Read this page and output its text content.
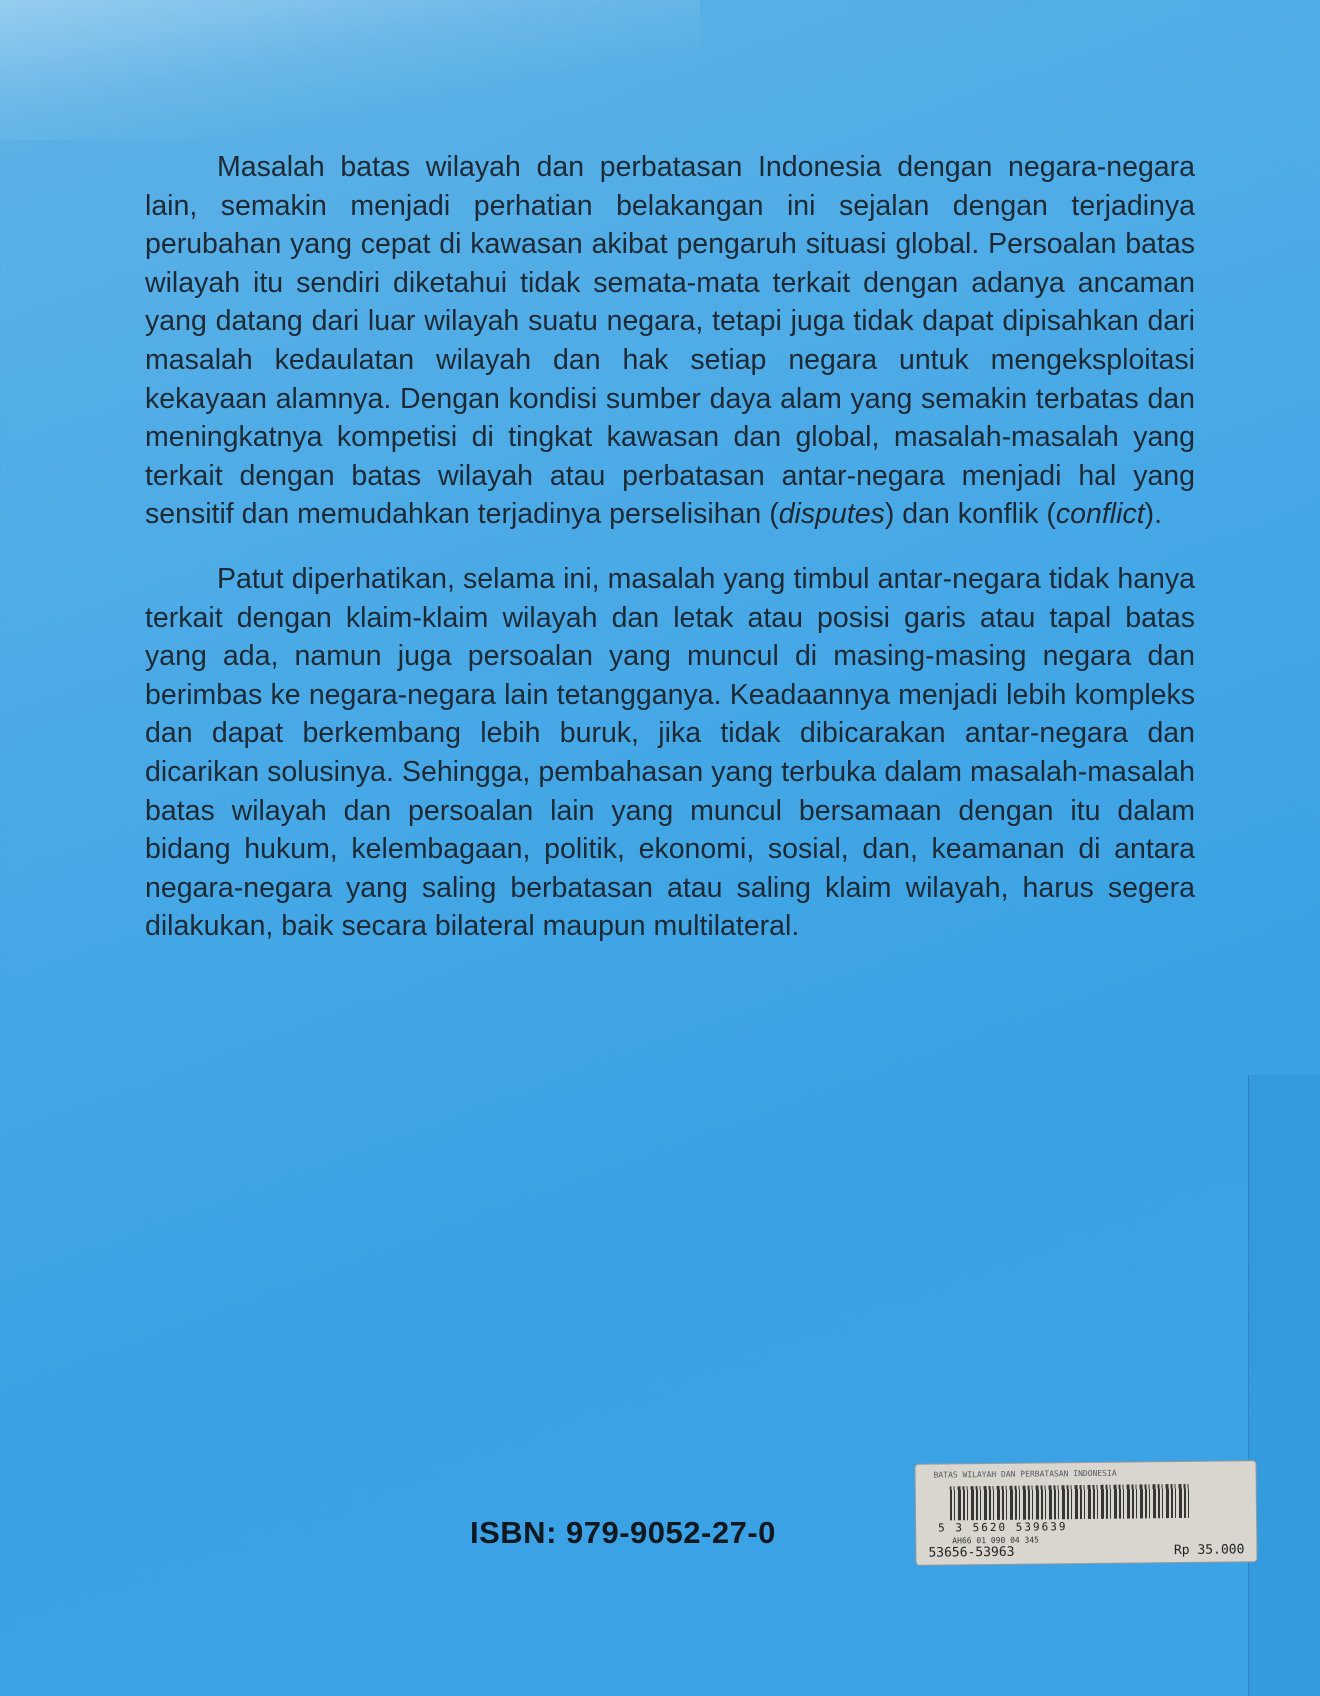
Masalah batas wilayah dan perbatasan Indonesia dengan negara-negara lain, semakin menjadi perhatian belakangan ini sejalan dengan terjadinya perubahan yang cepat di kawasan akibat pengaruh situasi global. Persoalan batas wilayah itu sendiri diketahui tidak semata-mata terkait dengan adanya ancaman yang datang dari luar wilayah suatu negara, tetapi juga tidak dapat dipisahkan dari masalah kedaulatan wilayah dan hak setiap negara untuk mengeksploitasi kekayaan alamnya. Dengan kondisi sumber daya alam yang semakin terbatas dan meningkatnya kompetisi di tingkat kawasan dan global, masalah-masalah yang terkait dengan batas wilayah atau perbatasan antar-negara menjadi hal yang sensitif dan memudahkan terjadinya perselisihan (disputes) dan konflik (conflict).

Patut diperhatikan, selama ini, masalah yang timbul antar-negara tidak hanya terkait dengan klaim-klaim wilayah dan letak atau posisi garis atau tapal batas yang ada, namun juga persoalan yang muncul di masing-masing negara dan berimbas ke negara-negara lain tetangganya. Keadaannya menjadi lebih kompleks dan dapat berkembang lebih buruk, jika tidak dibicarakan antar-negara dan dicarikan solusinya. Sehingga, pembahasan yang terbuka dalam masalah-masalah batas wilayah dan persoalan lain yang muncul bersamaan dengan itu dalam bidang hukum, kelembagaan, politik, ekonomi, sosial, dan, keamanan di antara negara-negara yang saling berbatasan atau saling klaim wilayah, harus segera dilakukan, baik secara bilateral maupun multilateral.

ISBN: 979-9052-27-0
BATAS WILAYAH DAN PERBATASAN INDONESIA
5 3 5620 539639
AH66 01 090 04 345
53656-53963	Rp 35.000
